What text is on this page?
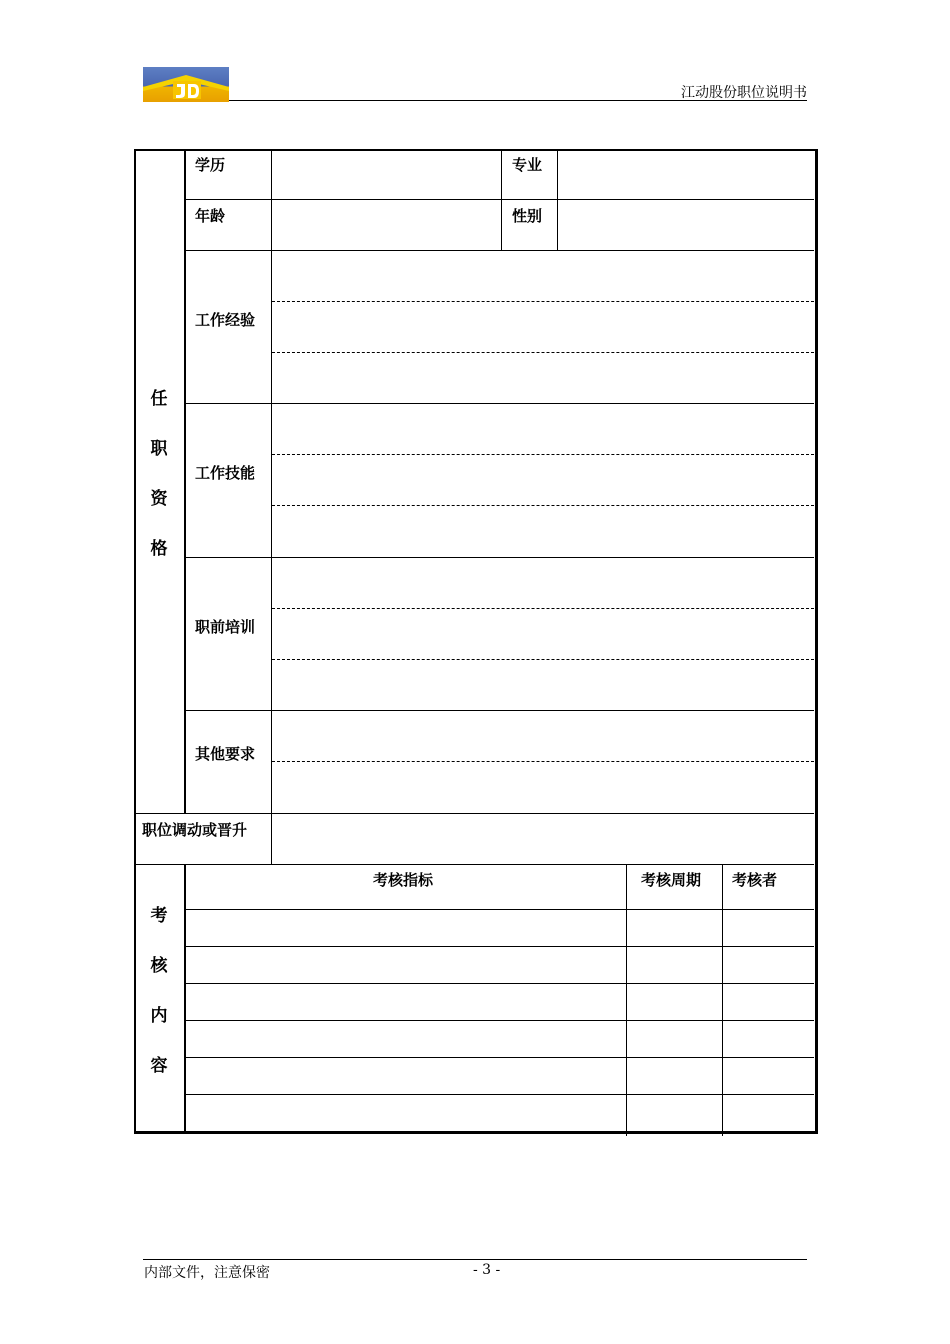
江动股份职位说明书
任
职
资
格
学历	专业
年龄	性别
工作经验
工作技能
职前培训
其他要求
职位调动或晋升
考
核
内
容
考核指标	考核周期 考核者
内部文件，注意保密	- 3 -
